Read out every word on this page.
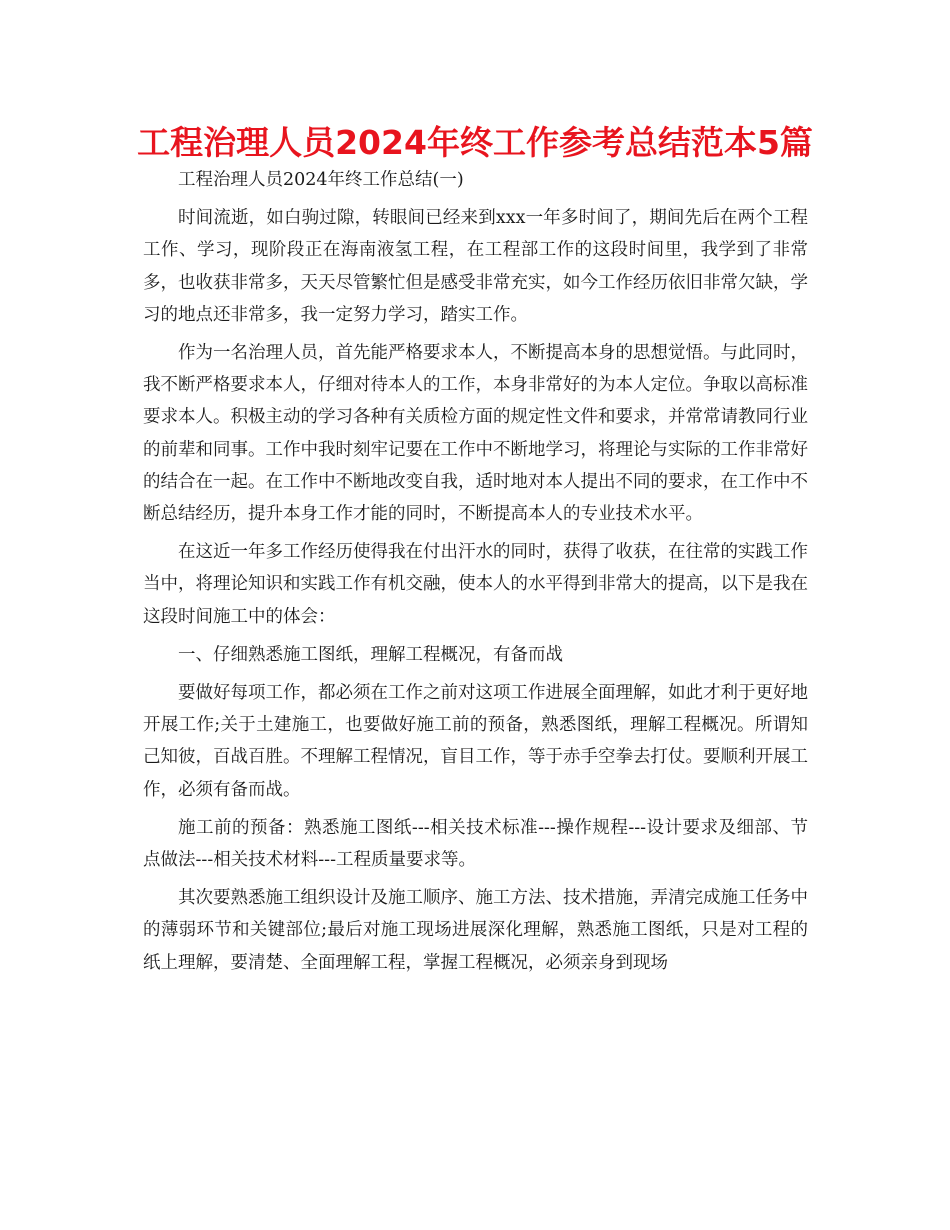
工程治理人员2024年终工作参考总结范本5篇

工程治理人员2024年终工作总结(一)

时间流逝，如白驹过隙，转眼间已经来到xxx一年多时间了，期间先后在两个工程工作、学习，现阶段正在海南液氢工程，在工程部工作的这段时间里，我学到了非常多，也收获非常多，天天尽管繁忙但是感受非常充实，如今工作经历依旧非常欠缺，学习的地点还非常多，我一定努力学习，踏实工作。

作为一名治理人员，首先能严格要求本人，不断提高本身的思想觉悟。与此同时，我不断严格要求本人，仔细对待本人的工作，本身非常好的为本人定位。争取以高标准要求本人。积极主动的学习各种有关质检方面的规定性文件和要求，并常常请教同行业的前辈和同事。工作中我时刻牢记要在工作中不断地学习，将理论与实际的工作非常好的结合在一起。在工作中不断地改变自我，适时地对本人提出不同的要求，在工作中不断总结经历，提升本身工作才能的同时，不断提高本人的专业技术水平。

在这近一年多工作经历使得我在付出汗水的同时，获得了收获，在往常的实践工作当中，将理论知识和实践工作有机交融，使本人的水平得到非常大的提高，以下是我在这段时间施工中的体会：

一、仔细熟悉施工图纸，理解工程概况，有备而战

要做好每项工作，都必须在工作之前对这项工作进展全面理解，如此才利于更好地开展工作;关于土建施工，也要做好施工前的预备，熟悉图纸，理解工程概况。所谓知己知彼，百战百胜。不理解工程情况，盲目工作，等于赤手空拳去打仗。要顺利开展工作，必须有备而战。

施工前的预备：熟悉施工图纸---相关技术标准---操作规程---设计要求及细部、节点做法---相关技术材料---工程质量要求等。

其次要熟悉施工组织设计及施工顺序、施工方法、技术措施，弄清完成施工任务中的薄弱环节和关键部位;最后对施工现场进展深化理解，熟悉施工图纸，只是对工程的纸上理解，要清楚、全面理解工程，掌握工程概况，必须亲身到现场
